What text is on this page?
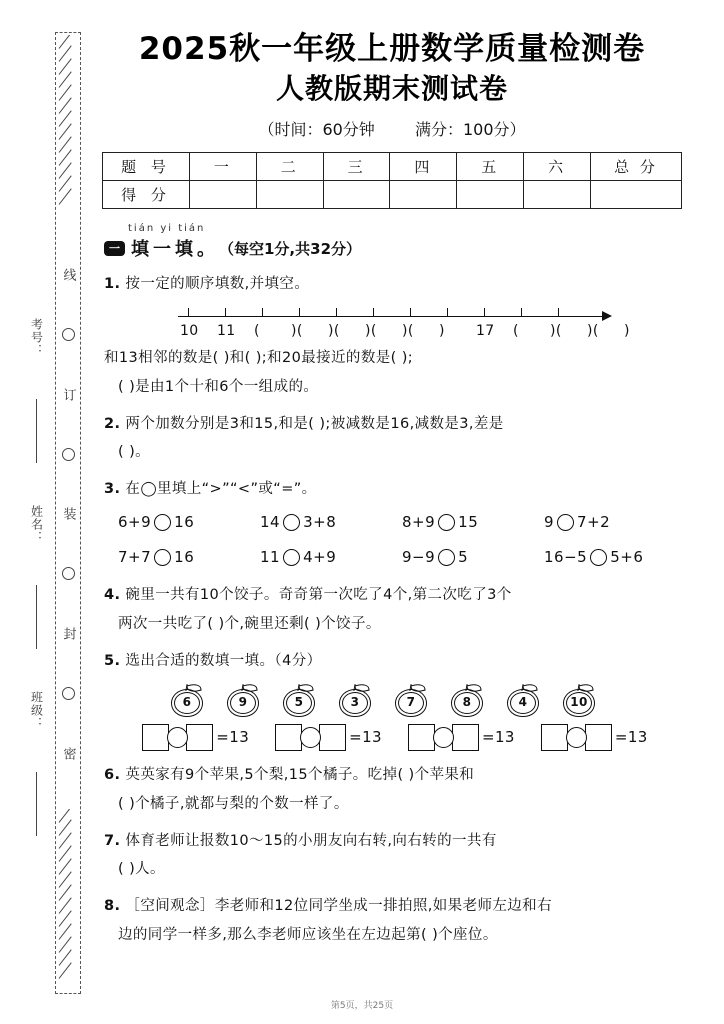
考号：
姓名：
班级：
线
订
装
封
密
2025秋一年级上册数学质量检测卷
人教版期末测试卷
（时间：60分钟	满分：100分）
题 号	一	二	三	四	五	六	总 分
得 分							
tián yi tián
一 填一填。 （每空1分,共32分）
1. 按一定的顺序填数,并填空。
10 11 ( )( )( )( )( ) 17 ( )( )( )
和13相邻的数是( )和( );和20最接近的数是( );
( )是由1个十和6个一组成的。
2. 两个加数分别是3和15,和是( );被减数是16,减数是3,差是
( )。
3. 在◯里填上“>”“<”或“=”。
6+9 16	14 3+8	8+9 15	9 7+2
7+7 16	11 4+9	9−9 5	16−5 5+6
4. 碗里一共有10个饺子。奇奇第一次吃了4个,第二次吃了3个
两次一共吃了( )个,碗里还剩( )个饺子。
5. 选出合适的数填一填。（4分）
6	9	5	3	7	8	4	10
=13	=13	=13	=13
6. 英英家有9个苹果,5个梨,15个橘子。吃掉( )个苹果和
( )个橘子,就都与梨的个数一样了。
7. 体育老师让报数10～15的小朋友向右转,向右转的一共有
( )人。
8. ［空间观念］李老师和12位同学坐成一排拍照,如果老师左边和右
边的同学一样多,那么李老师应该坐在左边起第( )个座位。
第5页，共25页
